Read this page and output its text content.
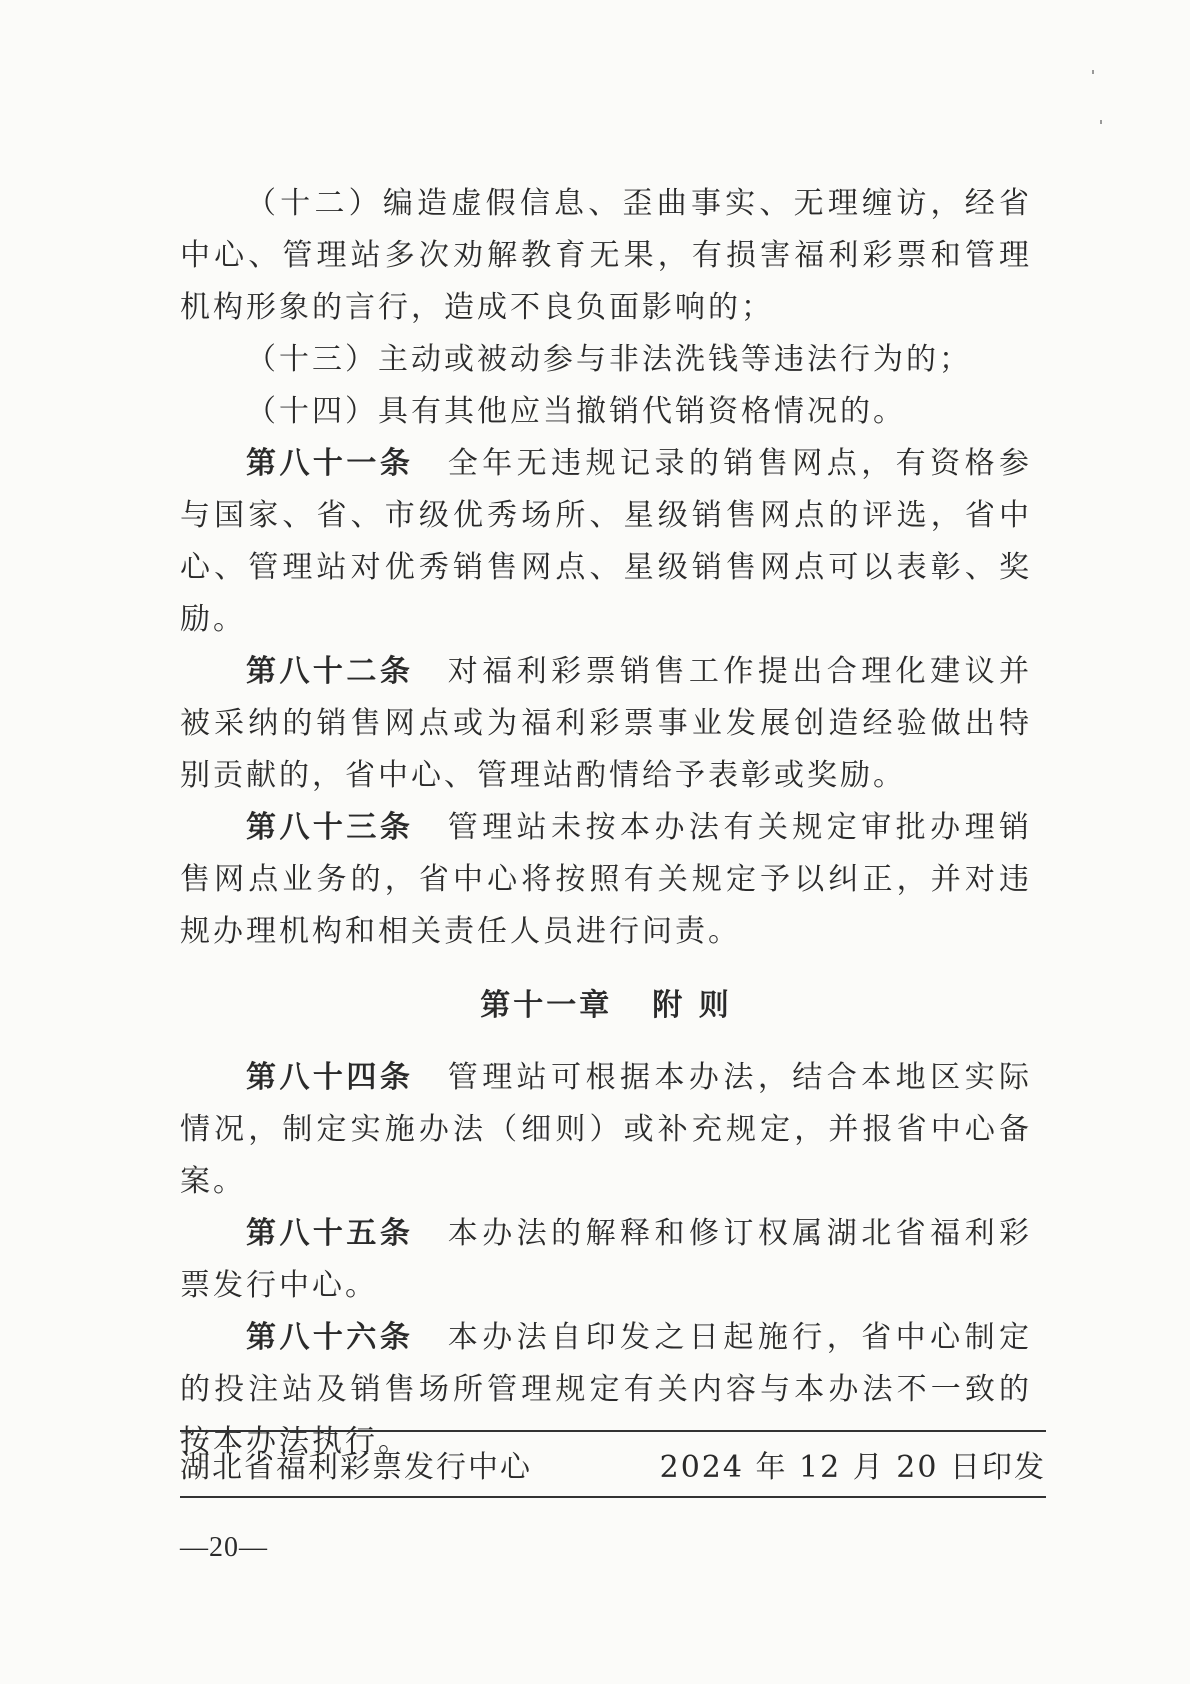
（十二）编造虚假信息、歪曲事实、无理缠访，经省中心、管理站多次劝解教育无果，有损害福利彩票和管理机构形象的言行，造成不良负面影响的；

（十三）主动或被动参与非法洗钱等违法行为的；

（十四）具有其他应当撤销代销资格情况的。

第八十一条　 全年无违规记录的销售网点，有资格参与国家、省、市级优秀场所、星级销售网点的评选，省中心、管理站对优秀销售网点、星级销售网点可以表彰、奖励。

第八十二条　 对福利彩票销售工作提出合理化建议并被采纳的销售网点或为福利彩票事业发展创造经验做出特别贡献的，省中心、管理站酌情给予表彰或奖励。

第八十三条　 管理站未按本办法有关规定审批办理销售网点业务的，省中心将按照有关规定予以纠正，并对违规办理机构和相关责任人员进行问责。

第十一章 附 则

第八十四条　 管理站可根据本办法，结合本地区实际情况，制定实施办法（细则）或补充规定，并报省中心备案。

第八十五条　 本办法的解释和修订权属湖北省福利彩票发行中心。

第八十六条　 本办法自印发之日起施行，省中心制定的投注站及销售场所管理规定有关内容与本办法不一致的按本办法执行。

湖北省福利彩票发行中心	2024 年 12 月 20 日印发
—20—
